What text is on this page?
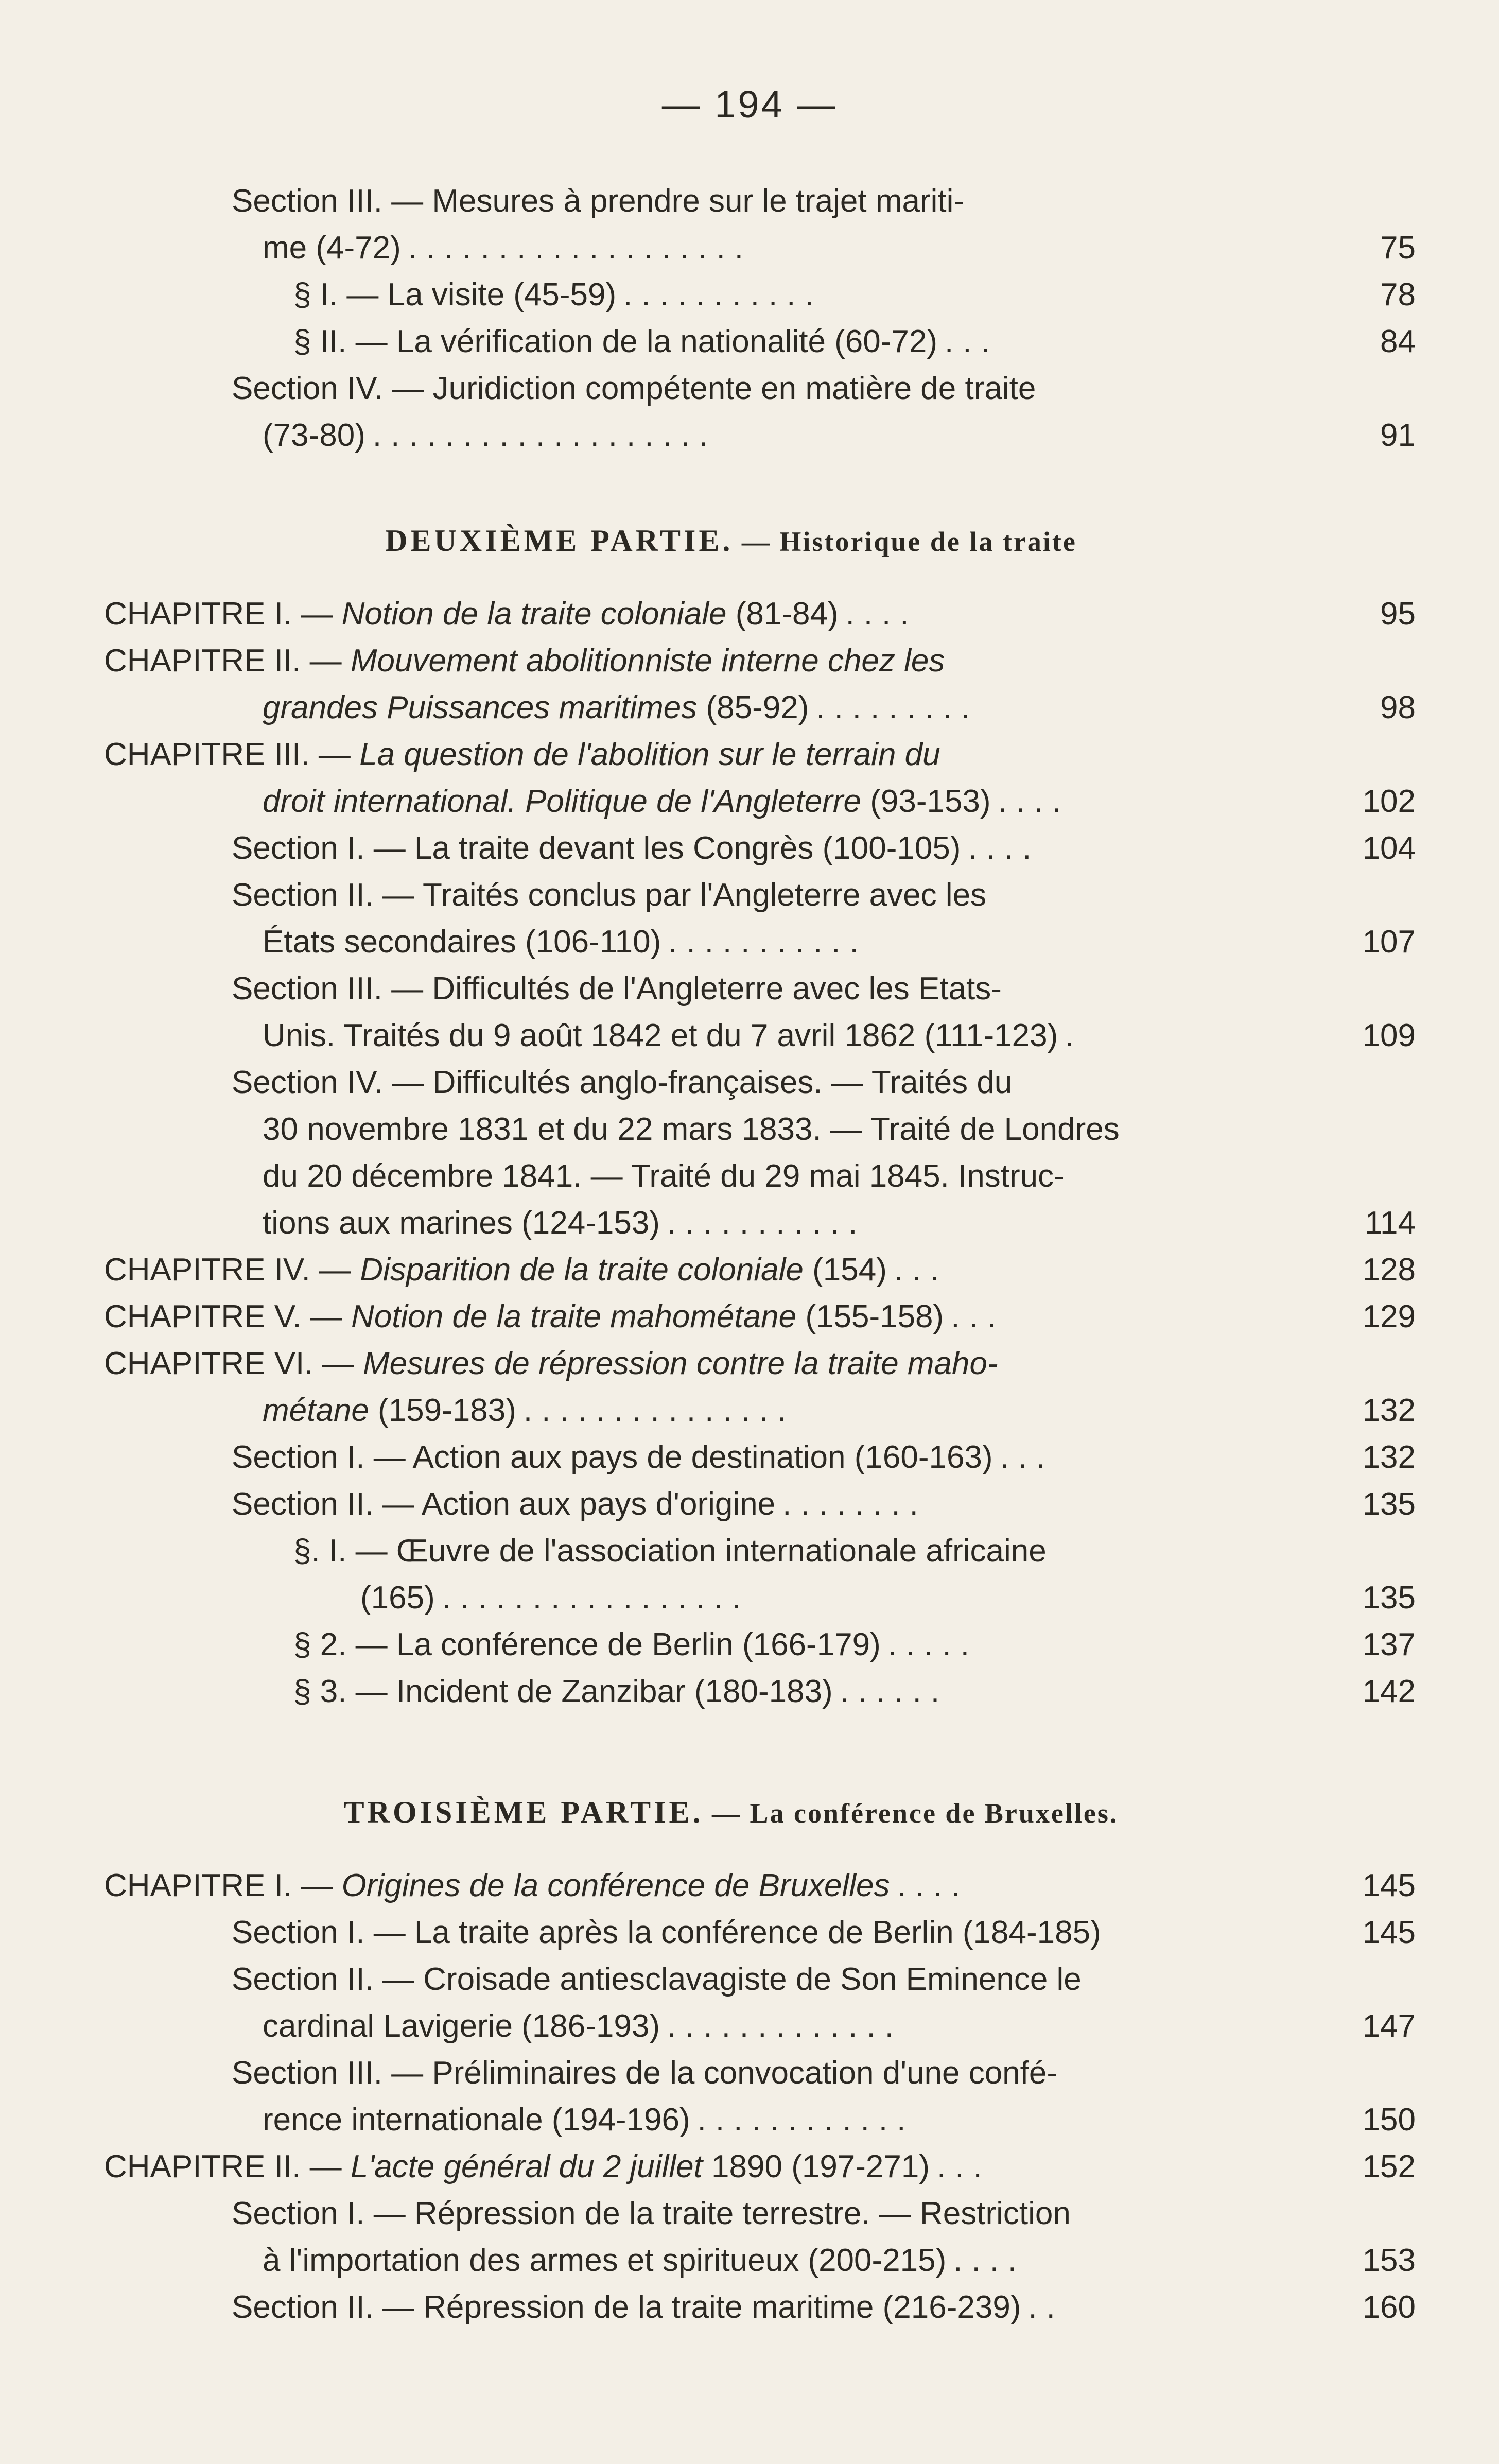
— 194 —
Section III. — Mesures à prendre sur le trajet mariti-
me (4-72) ...................	75
§ I. — La visite (45-59) ...........	78
§ II. — La vérification de la nationalité (60-72) ...	84
Section IV. — Juridiction compétente en matière de traite
(73-80) ...................	91
DEUXIÈME PARTIE. — Historique de la traite
CHAPITRE I. — Notion de la traite coloniale (81-84) ....	95
CHAPITRE II. — Mouvement abolitionniste interne chez les
grandes Puissances maritimes (85-92) .........	98
CHAPITRE III. — La question de l'abolition sur le terrain du
droit international. Politique de l'Angleterre (93-153) ....	102
Section I. — La traite devant les Congrès (100-105) ....	104
Section II. — Traités conclus par l'Angleterre avec les
États secondaires (106-110) ...........	107
Section III. — Difficultés de l'Angleterre avec les Etats-
Unis. Traités du 9 août 1842 et du 7 avril 1862 (111-123) .	109
Section IV. — Difficultés anglo-françaises. — Traités du
30 novembre 1831 et du 22 mars 1833. — Traité de Londres
du 20 décembre 1841. — Traité du 29 mai 1845. Instruc-
tions aux marines (124-153) ...........	114
CHAPITRE IV. — Disparition de la traite coloniale (154) ...	128
CHAPITRE V. — Notion de la traite mahométane (155-158) ...	129
CHAPITRE VI. — Mesures de répression contre la traite maho-
métane (159-183) ...............	132
Section I. — Action aux pays de destination (160-163) ...	132
Section II. — Action aux pays d'origine ........	135
§. I. — Œuvre de l'association internationale africaine
(165) .................	135
§ 2. — La conférence de Berlin (166-179) .....	137
§ 3. — Incident de Zanzibar (180-183) ......	142
TROISIÈME PARTIE. — La conférence de Bruxelles.
CHAPITRE I. — Origines de la conférence de Bruxelles ....	145
Section I. — La traite après la conférence de Berlin (184-185)	145
Section II. — Croisade antiesclavagiste de Son Eminence le
cardinal Lavigerie (186-193) .............	147
Section III. — Préliminaires de la convocation d'une confé-
rence internationale (194-196) ............	150
CHAPITRE II. — L'acte général du 2 juillet 1890 (197-271) ...	152
Section I. — Répression de la traite terrestre. — Restriction
à l'importation des armes et spiritueux (200-215) ....	153
Section II. — Répression de la traite maritime (216-239) ..	160
